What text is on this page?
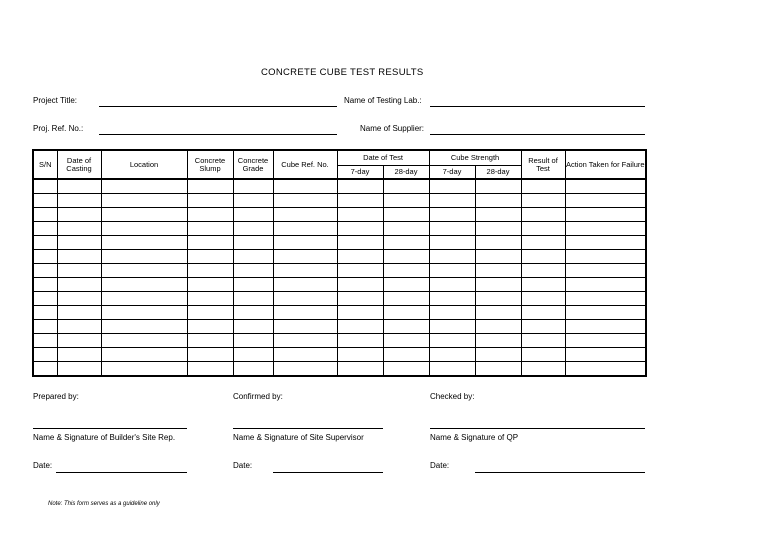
CONCRETE CUBE TEST RESULTS
Project Title:	Name of Testing Lab.:
Proj. Ref. No.:	Name of Supplier:
S/N	Date of Casting	Location	Concrete Slump	Concrete Grade	Cube Ref. No.	Date of Test		Cube Strength		Result of Test	Action Taken for Failure
						7-day	28-day	7-day	28-day		

Prepared by:	Confirmed by:	Checked by:
Name & Signature of Builder's Site Rep.	Name & Signature of Site Supervisor	Name & Signature of QP
Date:	Date:	Date:
Note: This form serves as a guideline only
